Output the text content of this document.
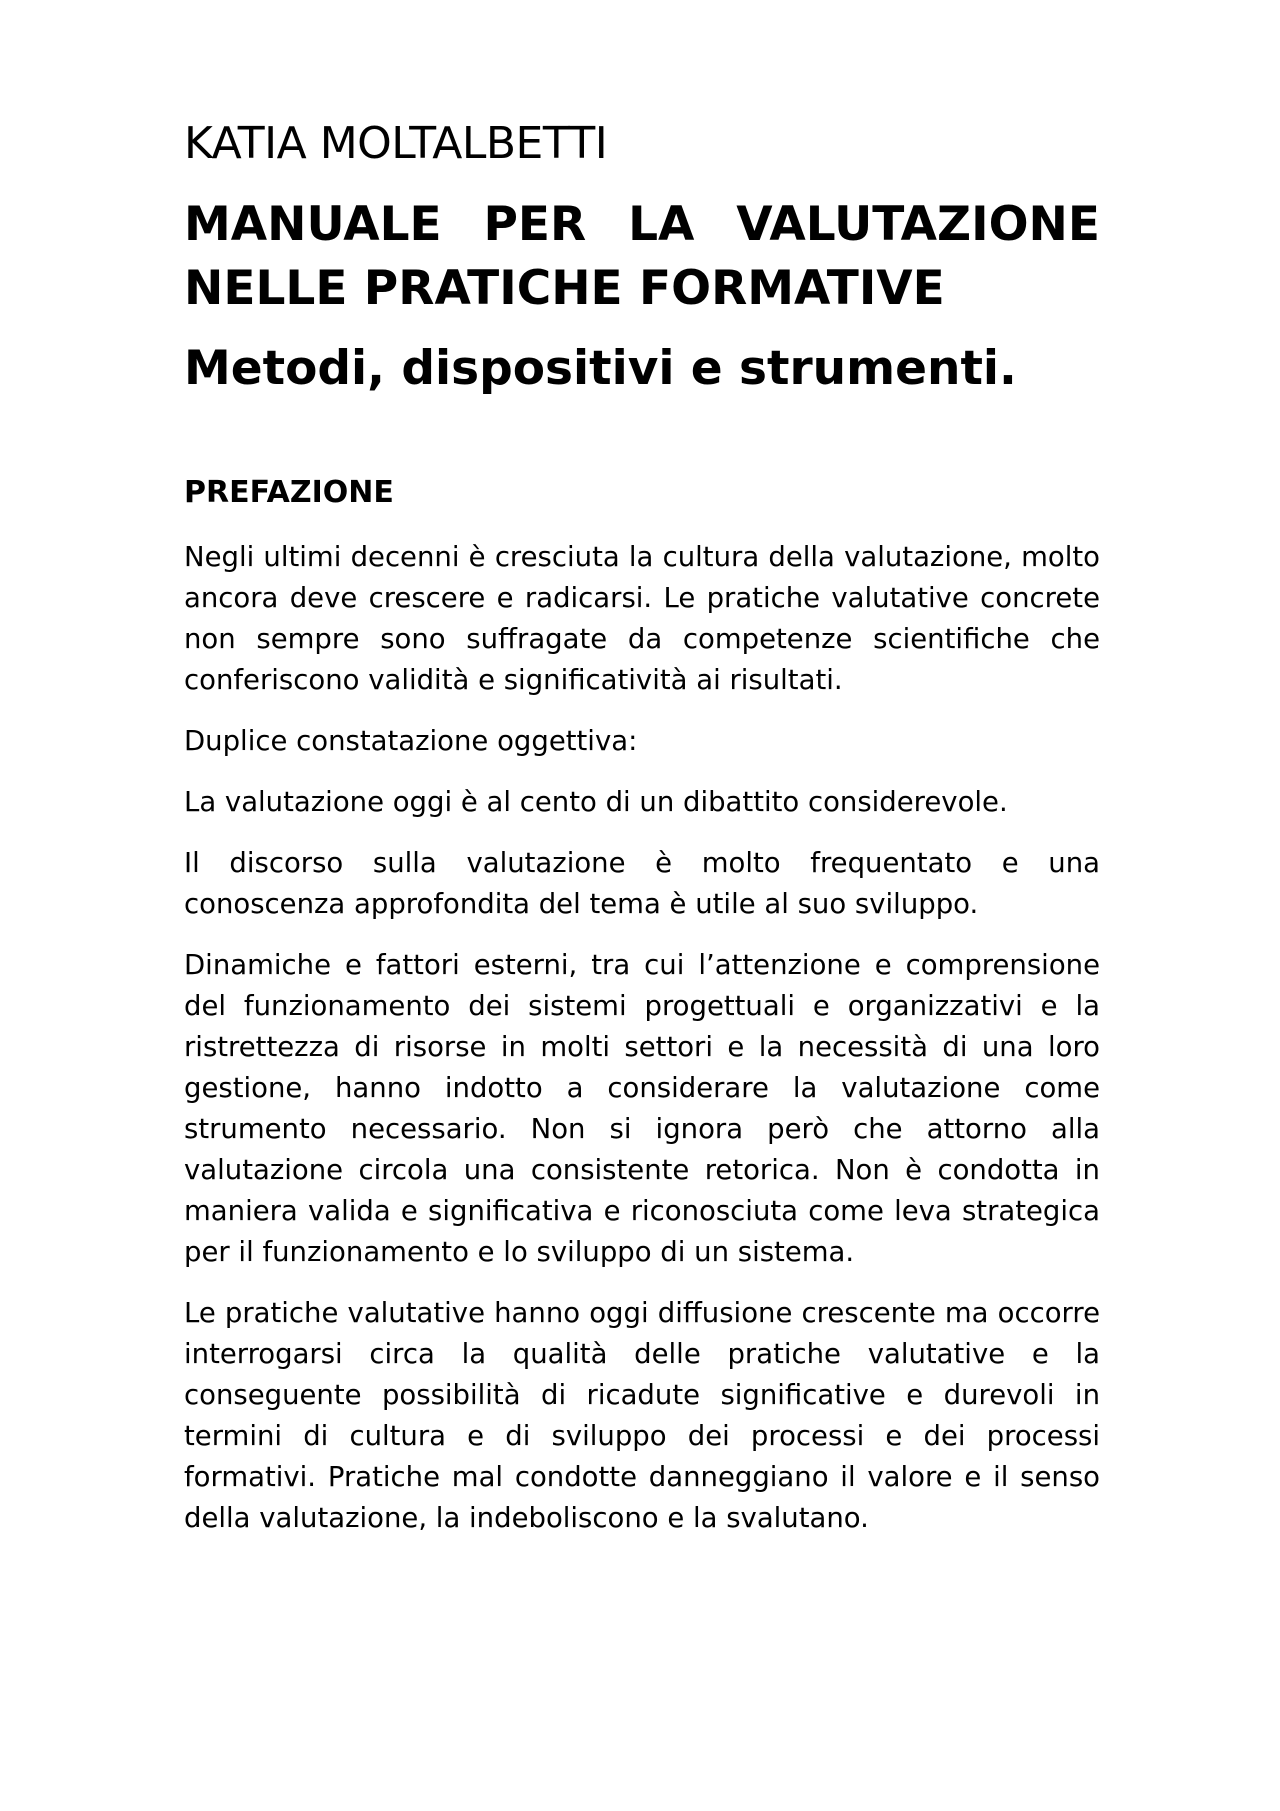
KATIA MOLTALBETTI
MANUALE PER LA VALUTAZIONE NELLE PRATICHE FORMATIVE
Metodi, dispositivi e strumenti.
PREFAZIONE

Negli ultimi decenni è cresciuta la cultura della valutazione, molto ancora deve crescere e radicarsi. Le pratiche valutative concrete non sempre sono suffragate da competenze scientifiche che conferiscono validità e significatività ai risultati.

Duplice constatazione oggettiva:

La valutazione oggi è al cento di un dibattito considerevole.

Il discorso sulla valutazione è molto frequentato e una conoscenza approfondita del tema è utile al suo sviluppo.

Dinamiche e fattori esterni, tra cui l’attenzione e comprensione del funzionamento dei sistemi progettuali e organizzativi e la ristrettezza di risorse in molti settori e la necessità di una loro gestione, hanno indotto a considerare la valutazione come strumento necessario. Non si ignora però che attorno alla valutazione circola una consistente retorica. Non è condotta in maniera valida e significativa e riconosciuta come leva strategica per il funzionamento e lo sviluppo di un sistema.

Le pratiche valutative hanno oggi diffusione crescente ma occorre interrogarsi circa la qualità delle pratiche valutative e la conseguente possibilità di ricadute significative e durevoli in termini di cultura e di sviluppo dei processi e dei processi formativi. Pratiche mal condotte danneggiano il valore e il senso della valutazione, la indeboliscono e la svalutano.
